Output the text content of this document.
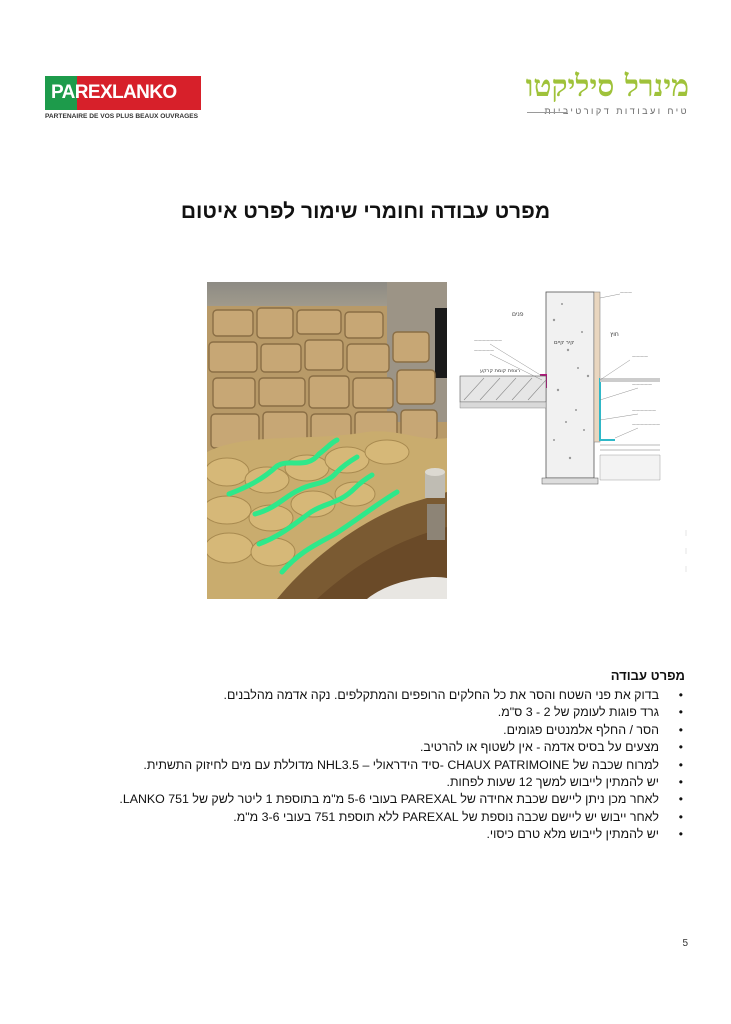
PAREXLANKO
PARTENAIRE DE VOS PLUS BEAUX OUVRAGES
מינרל סיליקטו
טיח ועבודות דקורטיביות
מפרט עבודה וחומרי שימור לפרט איטום
———
———————
—————
————
—————
——————
———————
פנים
חוץ
קיר קיים
רצפת קומת קרקע
מפרט עבודה
• בדוק את פני השטח והסר את כל החלקים הרופפים והמתקלפים. נקה אדמה מהלבנים.
• גרד פוגות לעומק של 2 - 3 ס"מ.
• הסר / החלף אלמנטים פגומים.
• מצעים על בסיס אדמה - אין לשטוף או להרטיב.
• למרוח שכבה של CHAUX PATRIMOINE -סיד הידראולי – NHL3.5 מדוללת עם מים לחיזוק התשתית.
• יש להמתין לייבוש למשך 12 שעות לפחות.
• לאחר מכן ניתן ליישם שכבת אחידה של PAREXAL בעובי 5-6 מ"מ בתוספת 1 ליטר לשק של LANKO 751.
• לאחר ייבוש יש ליישם שכבה נוספת של PAREXAL ללא תוספת 751 בעובי 3-6 מ"מ.
• יש להמתין לייבוש מלא טרם כיסוי.
5
